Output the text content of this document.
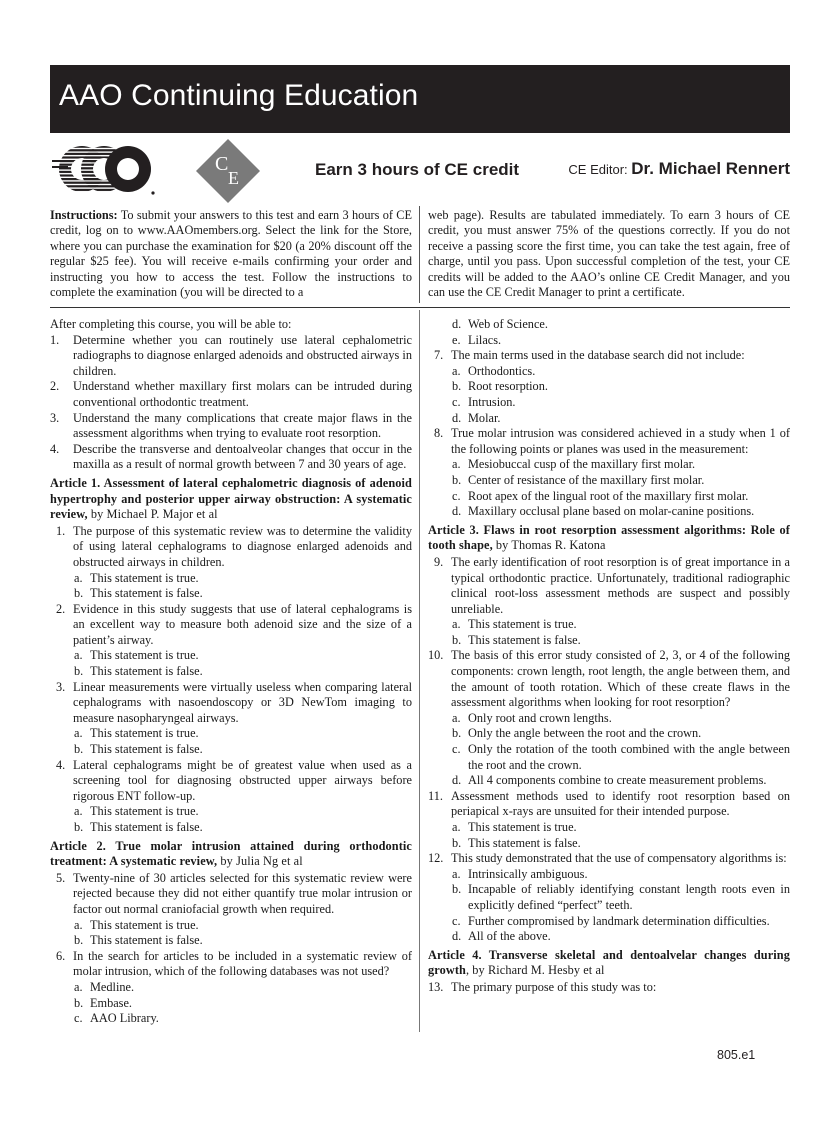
AAO Continuing Education
C
E	Earn 3 hours of CE credit	CE Editor: Dr. Michael Rennert
Instructions: To submit your answers to this test and earn 3 hours of CE credit, log on to www.AAOmembers.org. Select the link for the Store, where you can purchase the examination for $20 (a 20% discount off the regular $25 fee). You will receive e-mails confirming your order and instructing you how to access the test. Follow the instructions to complete the examination (you will be directed to a
web page). Results are tabulated immediately. To earn 3 hours of CE credit, you must answer 75% of the questions correctly. If you do not receive a passing score the first time, you can take the test again, free of charge, until you pass. Upon successful completion of the test, your CE credits will be added to the AAO’s online CE Credit Manager, and you can use the CE Credit Manager to print a certificate.

After completing this course, you will be able to:

1. Determine whether you can routinely use lateral cephalometric radiographs to diagnose enlarged adenoids and obstructed airways in children.
2. Understand whether maxillary first molars can be intruded during conventional orthodontic treatment.
3. Understand the many complications that create major flaws in the assessment algorithms when trying to evaluate root resorption.
4. Describe the transverse and dentoalveolar changes that occur in the maxilla as a result of normal growth between 7 and 30 years of age.
Article 1. Assessment of lateral cephalometric diagnosis of adenoid hypertrophy and posterior upper airway obstruction: A systematic review, by Michael P. Major et al
1. The purpose of this systematic review was to determine the validity of using lateral cephalograms to diagnose enlarged adenoids and obstructed airways in children.
a. This statement is true.
b. This statement is false.
2. Evidence in this study suggests that use of lateral cephalograms is an excellent way to measure both adenoid size and the size of a patient’s airway.
a. This statement is true.
b. This statement is false.
3. Linear measurements were virtually useless when comparing lateral cephalograms with nasoendoscopy or 3D NewTom imaging to measure nasopharyngeal airways.
a. This statement is true.
b. This statement is false.
4. Lateral cephalograms might be of greatest value when used as a screening tool for diagnosing obstructed upper airways before rigorous ENT follow-up.
a. This statement is true.
b. This statement is false.
Article 2. True molar intrusion attained during orthodontic treatment: A systematic review, by Julia Ng et al
5. Twenty-nine of 30 articles selected for this systematic review were rejected because they did not either quantify true molar intrusion or factor out normal craniofacial growth when required.
a. This statement is true.
b. This statement is false.
6. In the search for articles to be included in a systematic review of molar intrusion, which of the following databases was not used?
a. Medline.
b. Embase.
c. AAO Library.
d. Web of Science.
e. Lilacs.
7. The main terms used in the database search did not include:
a. Orthodontics.
b. Root resorption.
c. Intrusion.
d. Molar.
8. True molar intrusion was considered achieved in a study when 1 of the following points or planes was used in the measurement:
a. Mesiobuccal cusp of the maxillary first molar.
b. Center of resistance of the maxillary first molar.
c. Root apex of the lingual root of the maxillary first molar.
d. Maxillary occlusal plane based on molar-canine positions.
Article 3. Flaws in root resorption assessment algorithms: Role of tooth shape, by Thomas R. Katona
9. The early identification of root resorption is of great importance in a typical orthodontic practice. Unfortunately, traditional radiographic clinical root-loss assessment methods are suspect and possibly unreliable.
a. This statement is true.
b. This statement is false.
10. The basis of this error study consisted of 2, 3, or 4 of the following components: crown length, root length, the angle between them, and the amount of tooth rotation. Which of these create flaws in the assessment algorithms when looking for root resorption?
a. Only root and crown lengths.
b. Only the angle between the root and the crown.
c. Only the rotation of the tooth combined with the angle between the root and the crown.
d. All 4 components combine to create measurement problems.
11. Assessment methods used to identify root resorption based on periapical x-rays are unsuited for their intended purpose.
a. This statement is true.
b. This statement is false.
12. This study demonstrated that the use of compensatory algorithms is:
a. Intrinsically ambiguous.
b. Incapable of reliably identifying constant length roots even in explicitly defined “perfect” teeth.
c. Further compromised by landmark determination difficulties.
d. All of the above.
Article 4. Transverse skeletal and dentoalvelar changes during growth, by Richard M. Hesby et al
13. The primary purpose of this study was to:
805.e1
